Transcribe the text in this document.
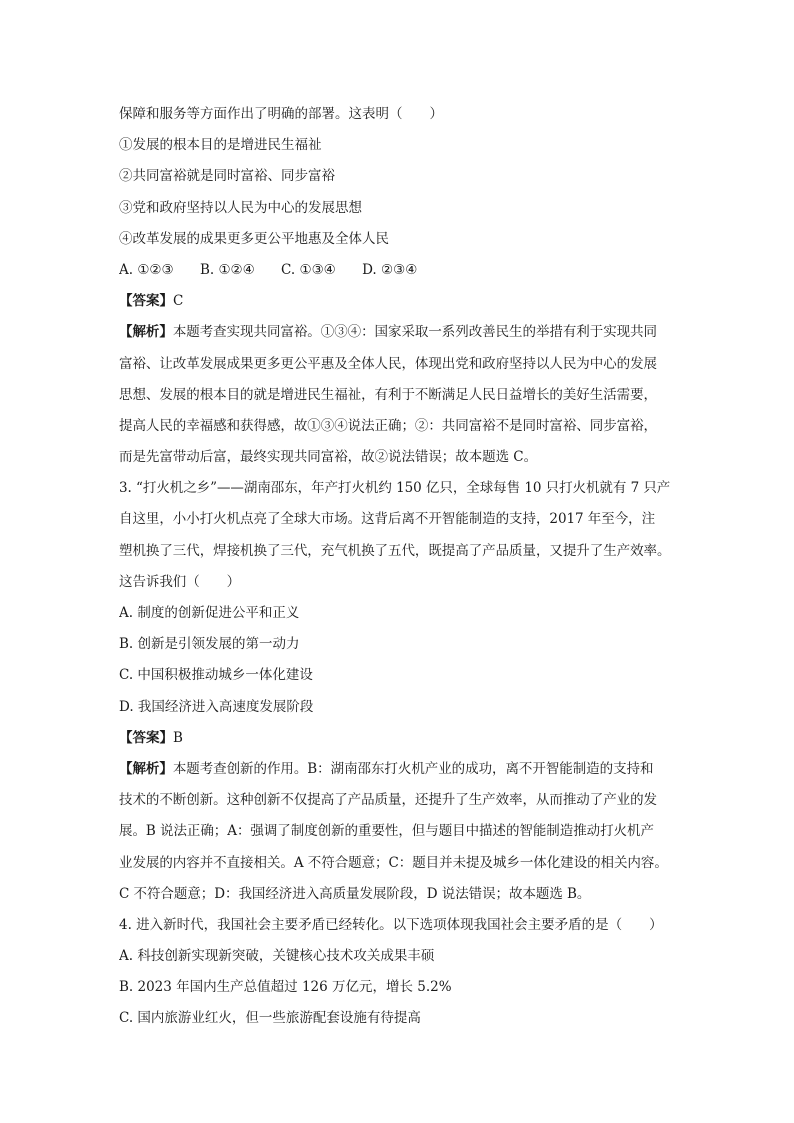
保障和服务等方面作出了明确的部署。这表明（　　）
①发展的根本目的是增进民生福祉
②共同富裕就是同时富裕、同步富裕
③党和政府坚持以人民为中心的发展思想
④改革发展的成果更多更公平地惠及全体人民
A. ①②③ B. ①②④ C. ①③④ D. ②③④
【答案】C
【解析】本题考查实现共同富裕。①③④：国家采取一系列改善民生的举措有利于实现共同
富裕、让改革发展成果更多更公平惠及全体人民，体现出党和政府坚持以人民为中心的发展
思想、发展的根本目的就是增进民生福祉，有利于不断满足人民日益增长的美好生活需要，
提高人民的幸福感和获得感，故①③④说法正确；②：共同富裕不是同时富裕、同步富裕，
而是先富带动后富，最终实现共同富裕，故②说法错误；故本题选 C。
3. “打火机之乡”——湖南邵东，年产打火机约 150 亿只，全球每售 10 只打火机就有 7 只产
自这里，小小打火机点亮了全球大市场。这背后离不开智能制造的支持，2017 年至今，注
塑机换了三代，焊接机换了三代，充气机换了五代，既提高了产品质量，又提升了生产效率。
这告诉我们（　　）
A. 制度的创新促进公平和正义
B. 创新是引领发展的第一动力
C. 中国积极推动城乡一体化建设
D. 我国经济进入高速度发展阶段
【答案】B
【解析】本题考查创新的作用。B：湖南邵东打火机产业的成功，离不开智能制造的支持和
技术的不断创新。这种创新不仅提高了产品质量，还提升了生产效率，从而推动了产业的发
展。B 说法正确；A：强调了制度创新的重要性，但与题目中描述的智能制造推动打火机产
业发展的内容并不直接相关。A 不符合题意；C：题目并未提及城乡一体化建设的相关内容。
C 不符合题意；D：我国经济进入高质量发展阶段，D 说法错误；故本题选 B。
4. 进入新时代，我国社会主要矛盾已经转化。以下选项体现我国社会主要矛盾的是（　　）
A. 科技创新实现新突破，关键核心技术攻关成果丰硕
B. 2023 年国内生产总值超过 126 万亿元，增长 5.2%
C. 国内旅游业红火，但一些旅游配套设施有待提高
